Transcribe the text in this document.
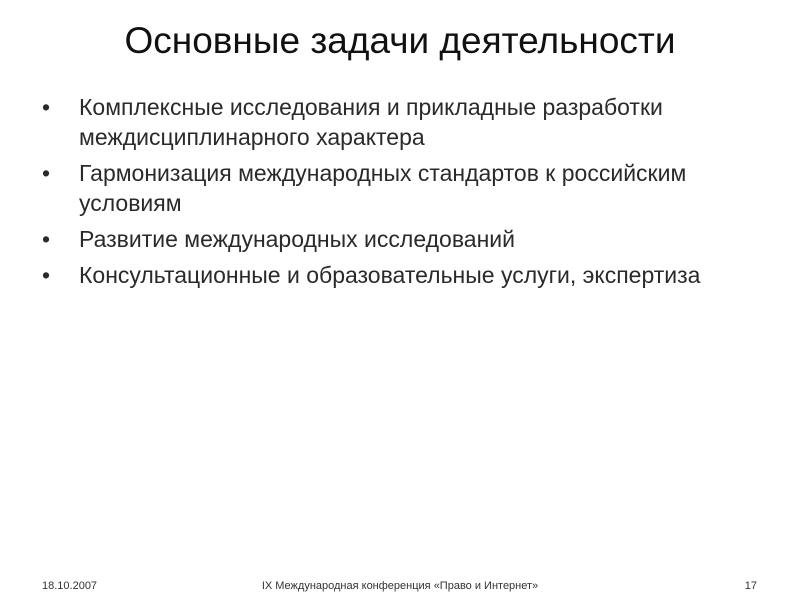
Основные задачи деятельности
•	Комплексные исследования и прикладные разработки междисциплинарного характера
•	Гармонизация международных стандартов к российским условиям
•	Развитие международных исследований
•	Консультационные и образовательные услуги, экспертиза
18.10.2007	IX Международная конференция «Право и Интернет»	17
